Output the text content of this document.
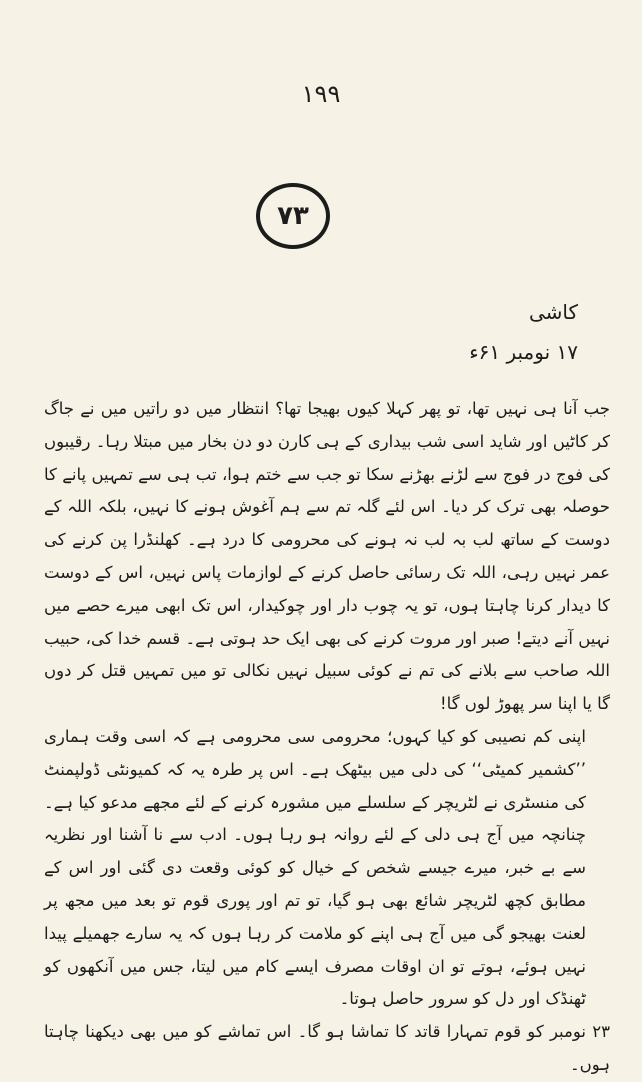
۱۹۹
۷۳
کاشی
۱۷ نومبر ۶۱ء

جب آنا ہی نہیں تھا، تو پھر کہلا کیوں بھیجا تھا؟ انتظار میں دو راتیں میں نے جاگ کر کاٹیں اور شاید اسی شب بیداری کے ہی کارن دو دن بخار میں مبتلا رہا۔ رقیبوں کی فوج در فوج سے لڑنے بھڑنے سکا تو جب سے ختم ہوا، تب ہی سے تمہیں پانے کا حوصلہ بھی ترک کر دیا۔ اس لئے گلہ تم سے ہم آغوش ہونے کا نہیں، بلکہ اللہ کے دوست کے ساتھ لب بہ لب نہ ہونے کی محرومی کا درد ہے۔ کھلنڈرا پن کرنے کی عمر نہیں رہی، اللہ تک رسائی حاصل کرنے کے لوازمات پاس نہیں، اس کے دوست کا دیدار کرنا چاہتا ہوں، تو یہ چوب دار اور چوکیدار، اس تک ابھی میرے حصے میں نہیں آنے دیتے! صبر اور مروت کرنے کی بھی ایک حد ہوتی ہے۔ قسم خدا کی، حبیب اللہ صاحب سے بلانے کی تم نے کوئی سبیل نہیں نکالی تو میں تمہیں قتل کر دوں گا یا اپنا سر پھوڑ لوں گا!

اپنی کم نصیبی کو کیا کہوں؛ محرومی سی محرومی ہے کہ اسی وقت ہماری ’’کشمیر کمیٹی‘‘ کی دلی میں بیٹھک ہے۔ اس پر طرہ یہ کہ کمیونٹی ڈولپمنٹ کی منسٹری نے لٹریچر کے سلسلے میں مشورہ کرنے کے لئے مجھے مدعو کیا ہے۔ چنانچہ میں آج ہی دلی کے لئے روانہ ہو رہا ہوں۔ ادب سے نا آشنا اور نظریہ سے بے خبر، میرے جیسے شخص کے خیال کو کوئی وقعت دی گئی اور اس کے مطابق کچھ لٹریچر شائع بھی ہو گیا، تو تم اور پوری قوم تو بعد میں مجھ پر لعنت بھیجو گی میں آج ہی اپنے کو ملامت کر رہا ہوں کہ یہ سارے جھمیلے پیدا نہیں ہوئے، ہوتے تو ان اوقات مصرف ایسے کام میں لیتا، جس میں آنکھوں کو ٹھنڈک اور دل کو سرور حاصل ہوتا۔

۲۳ نومبر کو قوم تمہارا قاتد کا تماشا ہو گا۔ اس تماشے کو میں بھی دیکھنا چاہتا ہوں۔
